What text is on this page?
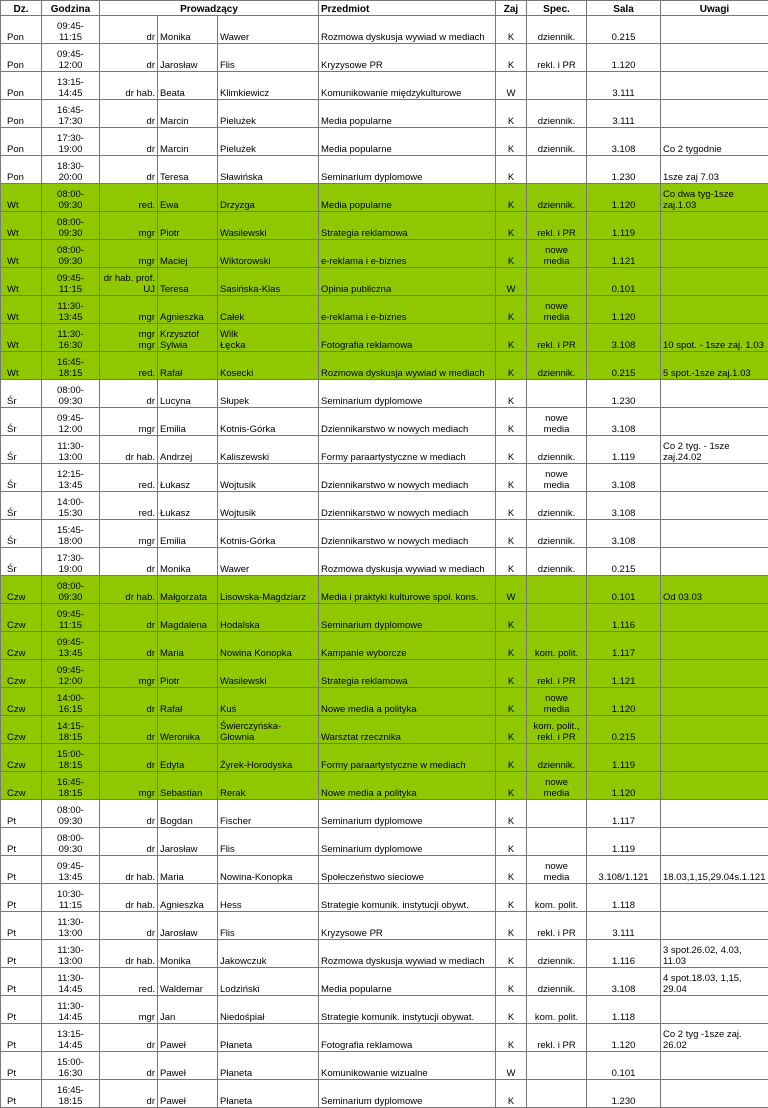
Dz.	Godzina	Prowadzący			Przedmiot	Zaj	Spec.	Sala	Uwagi
Pon	09:45-
11:15	dr	Monika	Wawer	Rozmowa dyskusja wywiad w mediach	K	dziennik.	0.215	
Pon	09:45-
12:00	dr	Jarosław	Flis	Kryzysowe PR	K	rekl. i PR	1.120	
Pon	13:15-
14:45	dr hab.	Beata	Klimkiewicz	Komunikowanie międzykulturowe	W		3.111	
Pon	16:45-
17:30	dr	Marcin	Pielużek	Media popularne	K	dziennik.	3.111	
Pon	17:30-
19:00	dr	Marcin	Pielużek	Media popularne	K	dziennik.	3.108	Co 2 tygodnie
Pon	18:30-
20:00	dr	Teresa	Sławińska	Seminarium dyplomowe	K		1.230	1sze zaj 7.03
Wt	08:00-
09:30	red.	Ewa	Drzyzga	Media popularne	K	dziennik.	1.120	Co dwa tyg-1sze zaj.1.03
Wt	08:00-
09:30	mgr	Piotr	Wasilewski	Strategia reklamowa	K	rekl. i PR	1.119	
Wt	08:00-
09:30	mgr	Maciej	Wiktorowski	e-reklama i e-biznes	K	nowe
media	1.121	
Wt	09:45-
11:15	dr hab. prof.
UJ	Teresa	Sasińska-Klas	Opinia publiczna	W		0.101	
Wt	11:30-
13:45	mgr	Agnieszka	Całek	e-reklama i e-biznes	K	nowe
media	1.120	
Wt	11:30-
16:30	mgr
mgr	Krzysztof
Sylwia	Wilk
Łęcka	Fotografia reklamowa	K	rekl. i PR	3.108	10 spot. - 1sze zaj. 1.03
Wt	16:45-
18:15	red.	Rafał	Kosecki	Rozmowa dyskusja wywiad w mediach	K	dziennik.	0.215	5 spot.-1sze zaj.1.03
Śr	08:00-
09:30	dr	Lucyna	Słupek	Seminarium dyplomowe	K		1.230	
Śr	09:45-
12:00	mgr	Emilia	Kotnis-Górka	Dziennikarstwo w nowych mediach	K	nowe
media	3.108	
Śr	11:30-
13:00	dr hab.	Andrzej	Kaliszewski	Formy paraartystyczne w mediach	K	dziennik.	1.119	Co 2 tyg. - 1sze zaj.24.02
Śr	12:15-
13:45	red.	Łukasz	Wojtusik	Dziennikarstwo w nowych mediach	K	nowe
media	3.108	
Śr	14:00-
15:30	red.	Łukasz	Wojtusik	Dziennikarstwo w nowych mediach	K	dziennik.	3.108	
Śr	15:45-
18:00	mgr	Emilia	Kotnis-Górka	Dziennikarstwo w nowych mediach	K	dziennik.	3.108	
Śr	17:30-
19:00	dr	Monika	Wawer	Rozmowa dyskusja wywiad w mediach	K	dziennik.	0.215	
Czw	08:00-
09:30	dr hab.	Małgorzata	Lisowska-Magdziarz	Media i praktyki kulturowe społ. kons.	W		0.101	Od 03.03
Czw	09:45-
11:15	dr	Magdalena	Hodalska	Seminarium dyplomowe	K		1.116	
Czw	09:45-
13:45	dr	Maria	Nowina Konopka	Kampanie wyborcze	K	kom. polit.	1.117	
Czw	09:45-
12:00	mgr	Piotr	Wasilewski	Strategia reklamowa	K	rekl. i PR	1.121	
Czw	14:00-
16:15	dr	Rafał	Kuś	Nowe media a polityka	K	nowe
media	1.120	
Czw	14:15-
18:15	dr	Weronika	Świerczyńska-
Głownia	Warsztat rzecznika	K	kom. polit.,
rekl. i PR	0.215	
Czw	15:00-
18:15	dr	Edyta	Żyrek-Horodyska	Formy paraartystyczne w mediach	K	dziennik.	1.119	
Czw	16:45-
18:15	mgr	Sebastian	Rerak	Nowe media a polityka	K	nowe
media	1.120	
Pt	08:00-
09:30	dr	Bogdan	Fischer	Seminarium dyplomowe	K		1.117	
Pt	08:00-
09:30	dr	Jarosław	Flis	Seminarium dyplomowe	K		1.119	
Pt	09:45-
13:45	dr hab.	Maria	Nowina-Konopka	Społeczeństwo sieciowe	K	nowe
media	3.108/1.121	18.03,1,15,29.04s.1.121
Pt	10:30-
11:15	dr hab.	Agnieszka	Hess	Strategie komunik. instytucji obywt.	K	kom. polit.	1.118	
Pt	11:30-
13:00	dr	Jarosław	Flis	Kryzysowe PR	K	rekl. i PR	3.111	
Pt	11:30-
13:00	dr hab.	Monika	Jakowczuk	Rozmowa dyskusja wywiad w mediach	K	dziennik.	1.116	3 spot.26.02, 4.03,
11.03
Pt	11:30-
14:45	red.	Waldemar	Lodziński	Media popularne	K	dziennik.	3.108	4 spot.18.03, 1,15,
29.04
Pt	11:30-
14:45	mgr	Jan	Niedośpiał	Strategie komunik. instytucji obywat.	K	kom. polit.	1.118	
Pt	13:15-
14:45	dr	Paweł	Płaneta	Fotografia reklamowa	K	rekl. i PR	1.120	Co 2 tyg -1sze zaj. 26.02
Pt	15:00-
16:30	dr	Paweł	Płaneta	Komunikowanie wizualne	W		0.101	
Pt	16:45-
18:15	dr	Paweł	Płaneta	Seminarium dyplomowe	K		1.230	
